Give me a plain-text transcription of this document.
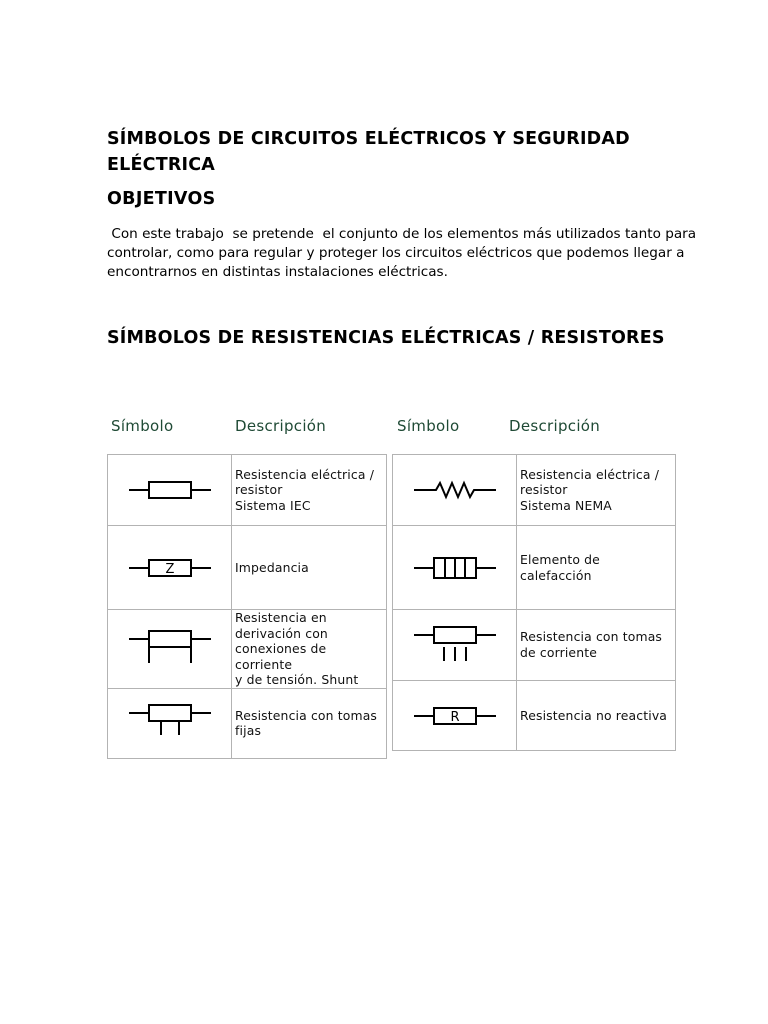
SÍMBOLOS DE CIRCUITOS ELÉCTRICOS Y SEGURIDAD ELÉCTRICA
OBJETIVOS

Con este trabajo  se pretende  el conjunto de los elementos más utilizados tanto para controlar, como para regular y proteger los circuitos eléctricos que podemos llegar a encontrarnos en distintas instalaciones eléctricas.

SÍMBOLOS DE RESISTENCIAS ELÉCTRICAS / RESISTORES
Símbolo	Descripción	Símbolo	Descripción

Resistencia eléctrica /
resistor
Sistema IEC

Z	Impedancia

Resistencia en
derivación con
conexiones de corriente
y de tensión. Shunt

Resistencia con tomas
fijas

Resistencia eléctrica /
resistor
Sistema NEMA

Elemento de calefacción

Resistencia con tomas
de corriente

R	Resistencia no reactiva
